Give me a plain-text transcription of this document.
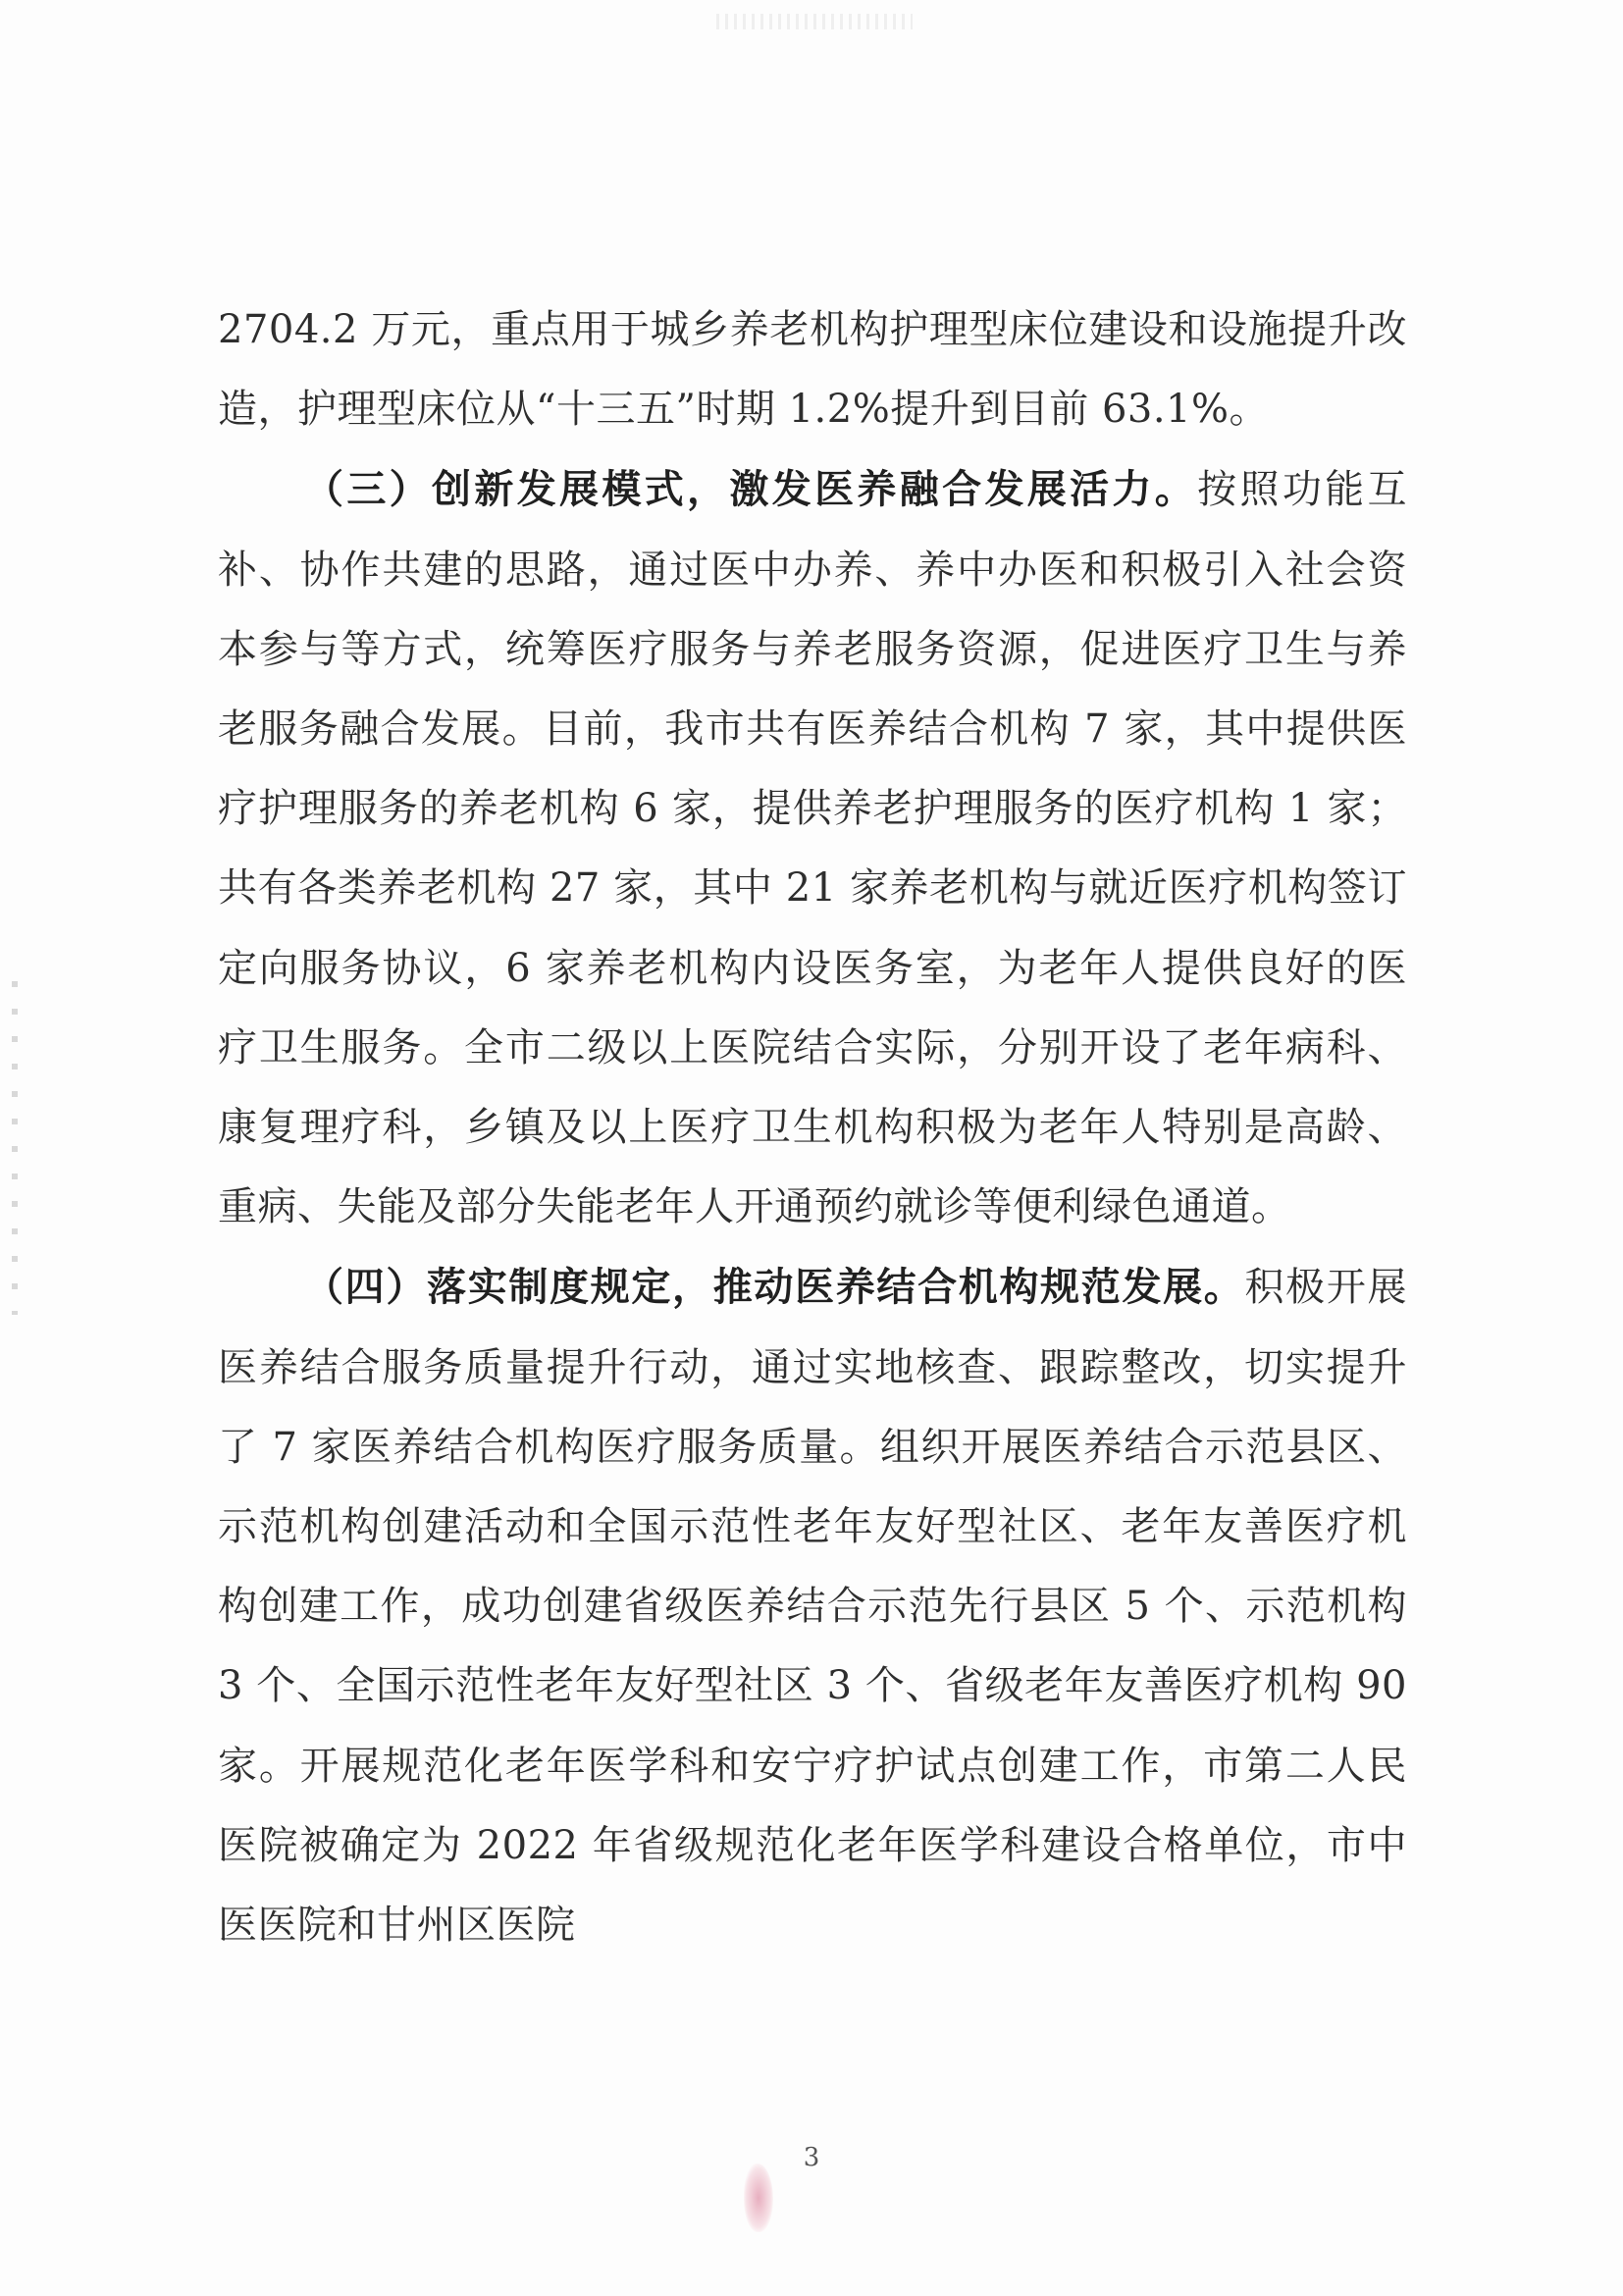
2704.2 万元，重点用于城乡养老机构护理型床位建设和设施提升改造，护理型床位从“十三五”时期 1.2%提升到目前 63.1%。

（三）创新发展模式，激发医养融合发展活力。按照功能互补、协作共建的思路，通过医中办养、养中办医和积极引入社会资本参与等方式，统筹医疗服务与养老服务资源，促进医疗卫生与养老服务融合发展。目前，我市共有医养结合机构 7 家，其中提供医疗护理服务的养老机构 6 家，提供养老护理服务的医疗机构 1 家；共有各类养老机构 27 家，其中 21 家养老机构与就近医疗机构签订定向服务协议，6 家养老机构内设医务室，为老年人提供良好的医疗卫生服务。全市二级以上医院结合实际，分别开设了老年病科、康复理疗科，乡镇及以上医疗卫生机构积极为老年人特别是高龄、重病、失能及部分失能老年人开通预约就诊等便利绿色通道。

（四）落实制度规定，推动医养结合机构规范发展。积极开展医养结合服务质量提升行动，通过实地核查、跟踪整改，切实提升了 7 家医养结合机构医疗服务质量。组织开展医养结合示范县区、示范机构创建活动和全国示范性老年友好型社区、老年友善医疗机构创建工作，成功创建省级医养结合示范先行县区 5 个、示范机构 3 个、全国示范性老年友好型社区 3 个、省级老年友善医疗机构 90 家。开展规范化老年医学科和安宁疗护试点创建工作，市第二人民医院被确定为 2022 年省级规范化老年医学科建设合格单位，市中医医院和甘州区医院

3
